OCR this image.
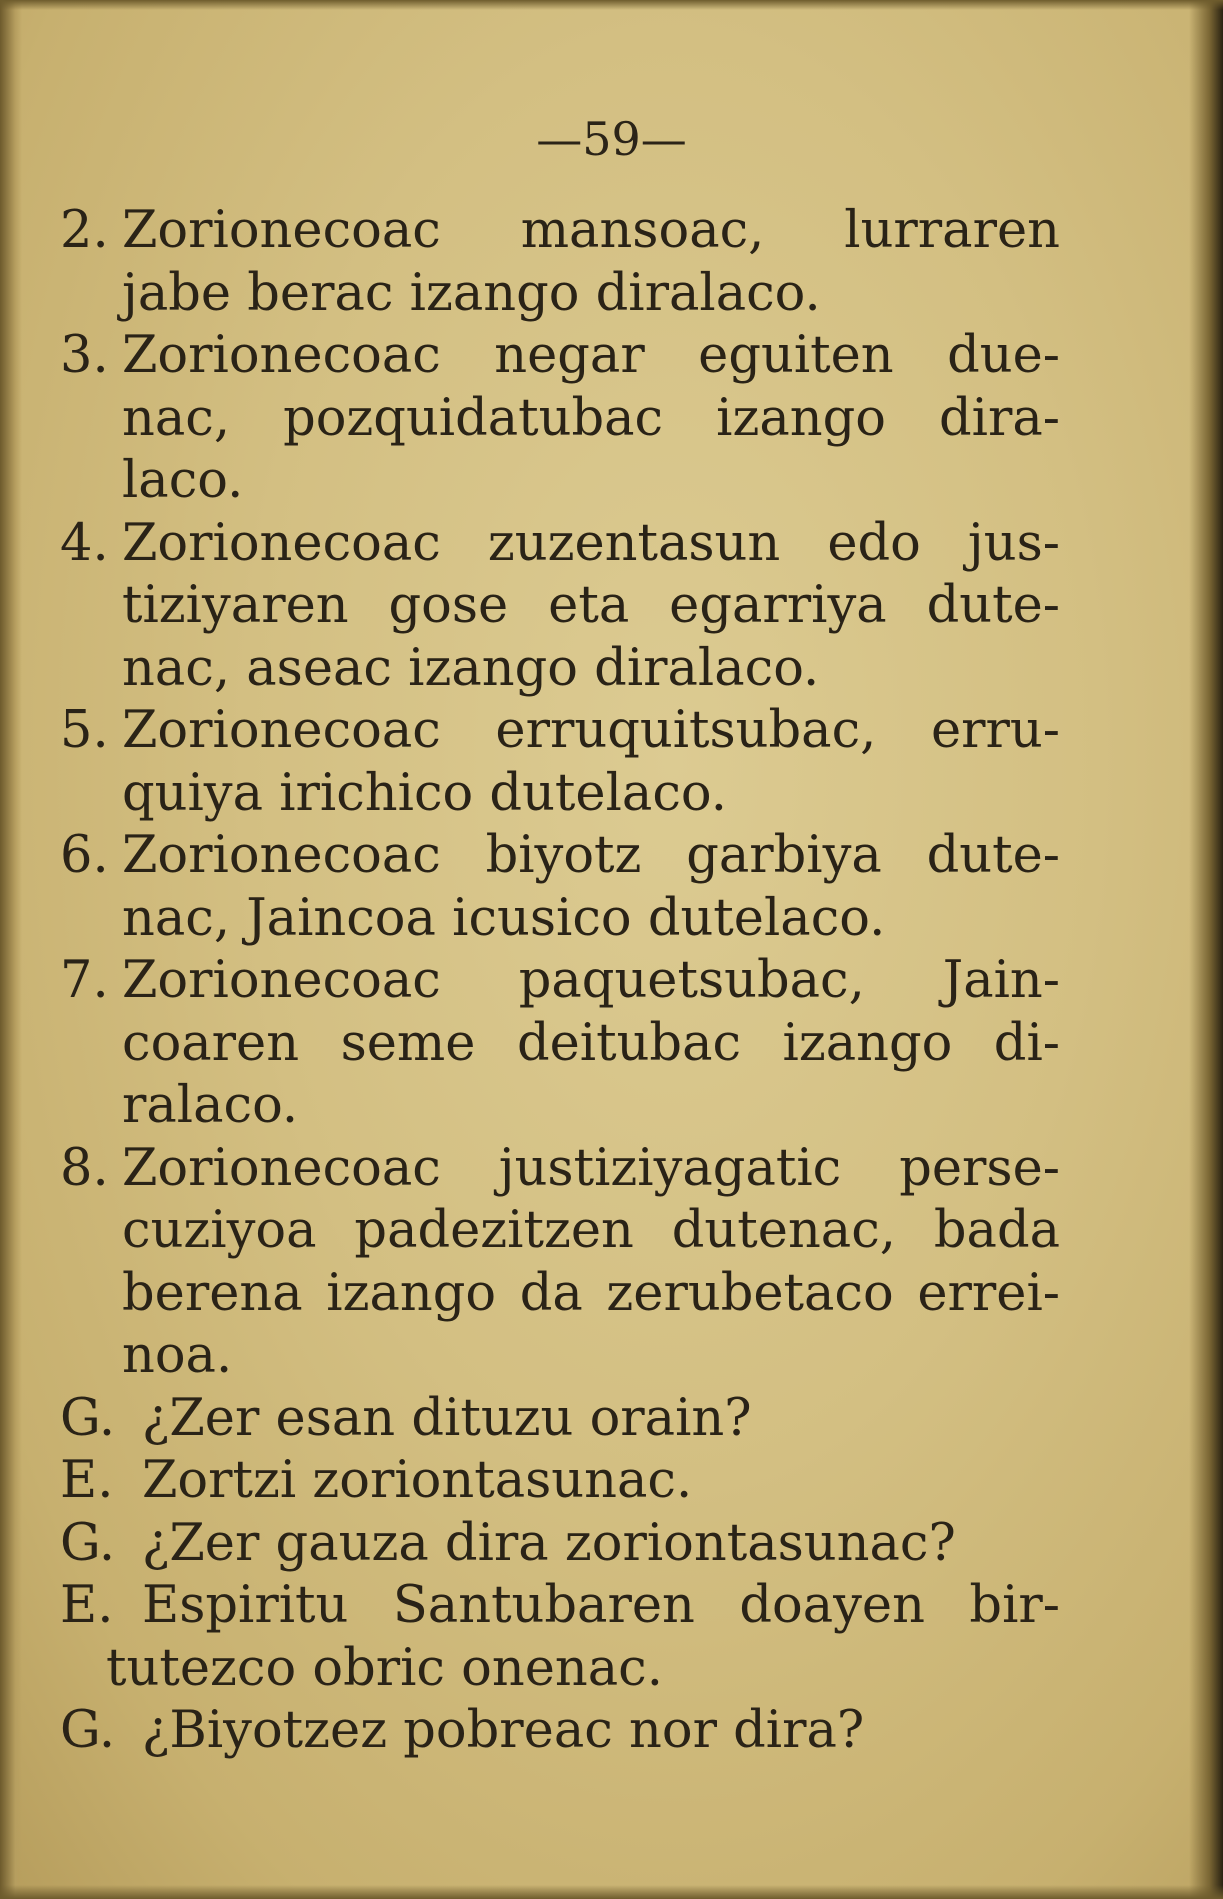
—59—
2. Zorionecoac mansoac, lurraren
jabe berac izango diralaco.
3. Zorionecoac negar eguiten due-
nac, pozquidatubac izango dira-
laco.
4. Zorionecoac zuzentasun edo jus-
tiziyaren gose eta egarriya dute-
nac, aseac izango diralaco.
5. Zorionecoac erruquitsubac, erru-
quiya irichico dutelaco.
6. Zorionecoac biyotz garbiya dute-
nac, Jaincoa icusico dutelaco.
7. Zorionecoac paquetsubac, Jain-
coaren seme deitubac izango di-
ralaco.
8. Zorionecoac justiziyagatic perse-
cuziyoa padezitzen dutenac, bada
berena izango da zerubetaco errei-
noa.
G. ¿Zer esan dituzu orain?
E. Zortzi zoriontasunac.
G. ¿Zer gauza dira zoriontasunac?
E. Espiritu Santubaren doayen bir-
tutezco obric onenac.
G. ¿Biyotzez pobreac nor dira?
